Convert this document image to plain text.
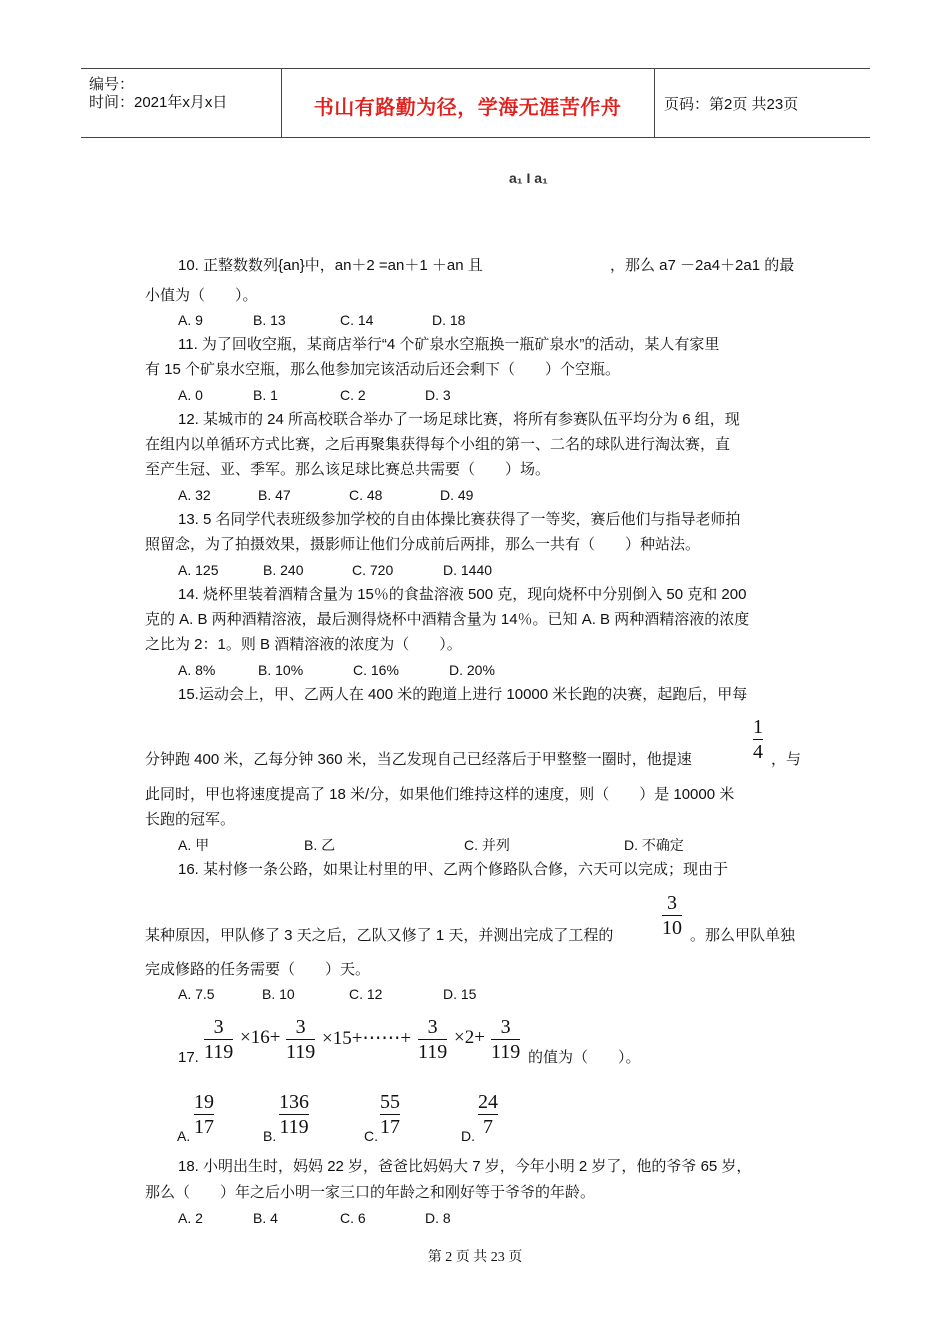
编号：
时间：2021年x月x日	书山有路勤为径，学海无涯苦作舟	页码：第2页 共23页
a₁ I a₁
10. 正整数数列{an}中，an＋2 =an＋1 ＋an 且	，那么 a7 －2a4＋2a1 的最
小值为（　　）。
A. 9	B. 13	C. 14	D. 18
11. 为了回收空瓶，某商店举行“4 个矿泉水空瓶换一瓶矿泉水”的活动，某人有家里
有 15 个矿泉水空瓶，那么他参加完该活动后还会剩下（　　）个空瓶。
A. 0	B. 1	C. 2	D. 3
12. 某城市的 24 所高校联合举办了一场足球比赛，将所有参赛队伍平均分为 6 组，现
在组内以单循环方式比赛，之后再聚集获得每个小组的第一、二名的球队进行淘汰赛，直
至产生冠、亚、季军。那么该足球比赛总共需要（　　）场。
A. 32	B. 47	C. 48	D. 49
13. 5 名同学代表班级参加学校的自由体操比赛获得了一等奖，赛后他们与指导老师拍
照留念，为了拍摄效果，摄影师让他们分成前后两排，那么一共有（　　）种站法。
A. 125	B. 240	C. 720	D. 1440
14. 烧杯里装着酒精含量为 15％的食盐溶液 500 克，现向烧杯中分别倒入 50 克和 200
克的 A. B 两种酒精溶液，最后测得烧杯中酒精含量为 14％。已知 A. B 两种酒精溶液的浓度
之比为 2：1。则 B 酒精溶液的浓度为（　　）。
A. 8%	B. 10%	C. 16%	D. 20%
15.运动会上，甲、乙两人在 400 米的跑道上进行 10000 米长跑的决赛，起跑后，甲每
分钟跑 400 米，乙每分钟 360 米，当乙发现自己已经落后于甲整整一圈时，他提速
1
4 ，与
此同时，甲也将速度提高了 18 米/分，如果他们维持这样的速度，则（　　）是 10000 米
长跑的冠军。
A. 甲	B. 乙	C. 并列	D. 不确定
16. 某村修一条公路，如果让村里的甲、乙两个修路队合修，六天可以完成；现由于
某种原因，甲队修了 3 天之后，乙队又修了 1 天，并测出完成了工程的
3
10 。那么甲队单独
完成修路的任务需要（　　）天。
A. 7.5	B. 10	C. 12	D. 15
17.
3
119
×16+ 3
119
×15+⋯⋯+
3
119
×2+ 3
119 的值为（　　）。
A.
19
17	B.
136
119	C.
55
17	D.
24
7
18. 小明出生时，妈妈 22 岁，爸爸比妈妈大 7 岁，今年小明 2 岁了，他的爷爷 65 岁，
那么（　　）年之后小明一家三口的年龄之和刚好等于爷爷的年龄。
A. 2	B. 4	C. 6	D. 8
第 2 页 共 23 页
